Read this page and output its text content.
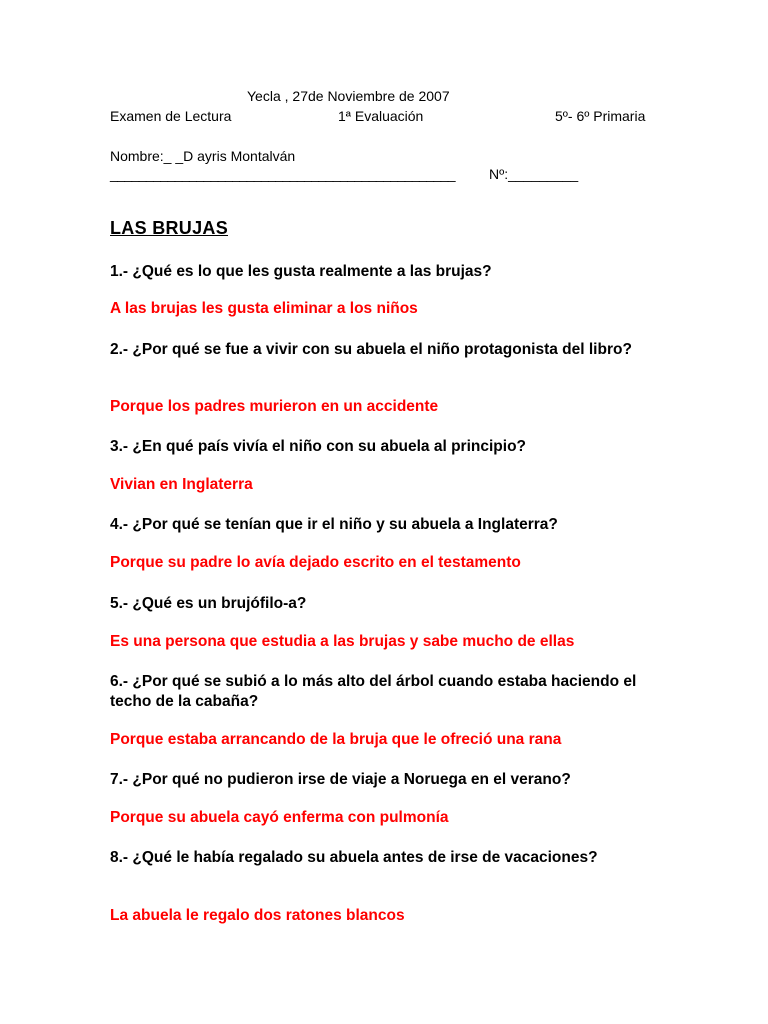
Yecla , 27de Noviembre de 2007
Examen de Lectura	1ª Evaluación	5º- 6º Primaria
Nombre:_ _D ayris Montalván
________________________________________________ Nº:_________
LAS BRUJAS
1.- ¿Qué es lo que les gusta realmente a las brujas?
A las brujas les gusta eliminar a los niños
2.- ¿Por qué se fue a vivir con su abuela el niño protagonista del libro?
Porque los padres murieron en un accidente
3.- ¿En qué país vivía el niño con su abuela al principio?
Vivian en Inglaterra
4.- ¿Por qué se tenían que ir el niño y su abuela a Inglaterra?
Porque su padre lo avía dejado escrito en el testamento
5.- ¿Qué es un brujófilo-a?
Es una persona que estudia a las brujas y sabe mucho de ellas
6.- ¿Por qué se subió a lo más alto del árbol cuando estaba haciendo el techo de la cabaña?
Porque estaba arrancando de la bruja que le ofreció una rana
7.- ¿Por qué no pudieron irse de viaje a Noruega en el verano?
Porque su abuela cayó enferma con pulmonía
8.- ¿Qué le había regalado su abuela antes de irse de vacaciones?
La abuela le regalo dos ratones blancos
